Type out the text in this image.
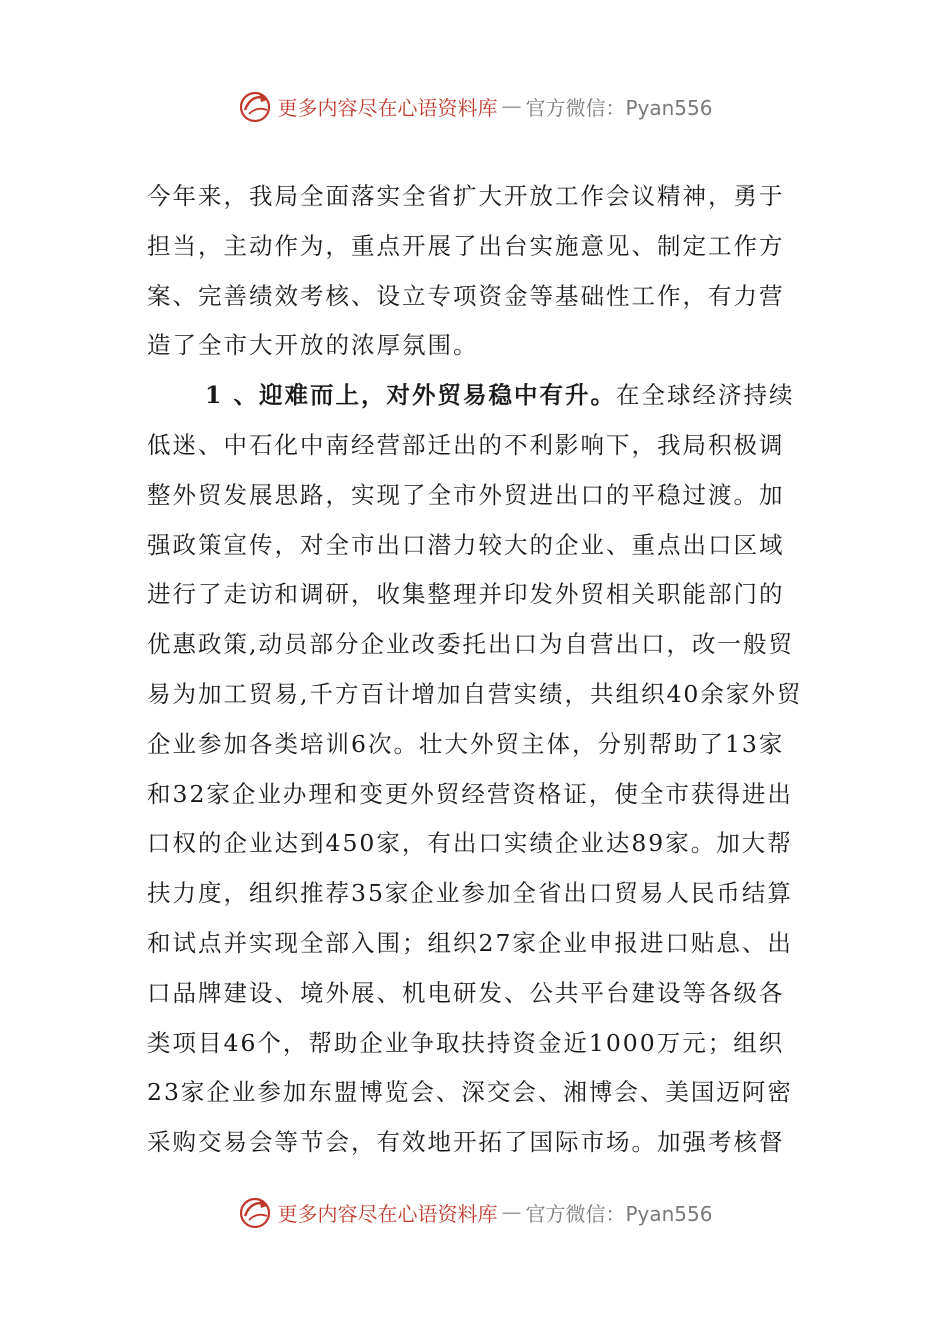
更多内容尽在心语资料库 — 官方微信：Pyan556
今年来，我局全面落实全省扩大开放工作会议精神，勇于
担当，主动作为，重点开展了出台实施意见、制定工作方
案、完善绩效考核、设立专项资金等基础性工作，有力营
造了全市大开放的浓厚氛围。
1 、迎难而上，对外贸易稳中有升。在全球经济持续
低迷、中石化中南经营部迁出的不利影响下，我局积极调
整外贸发展思路，实现了全市外贸进出口的平稳过渡。加
强政策宣传，对全市出口潜力较大的企业、重点出口区域
进行了走访和调研，收集整理并印发外贸相关职能部门的
优惠政策,动员部分企业改委托出口为自营出口，改一般贸
易为加工贸易,千方百计增加自营实绩，共组织40余家外贸
企业参加各类培训6次。壮大外贸主体，分别帮助了13家
和32家企业办理和变更外贸经营资格证，使全市获得进出
口权的企业达到450家，有出口实绩企业达89家。加大帮
扶力度，组织推荐35家企业参加全省出口贸易人民币结算
和试点并实现全部入围；组织27家企业申报进口贴息、出
口品牌建设、境外展、机电研发、公共平台建设等各级各
类项目46个，帮助企业争取扶持资金近1000万元；组织
23家企业参加东盟博览会、深交会、湘博会、美国迈阿密
采购交易会等节会，有效地开拓了国际市场。加强考核督
更多内容尽在心语资料库 — 官方微信：Pyan556
